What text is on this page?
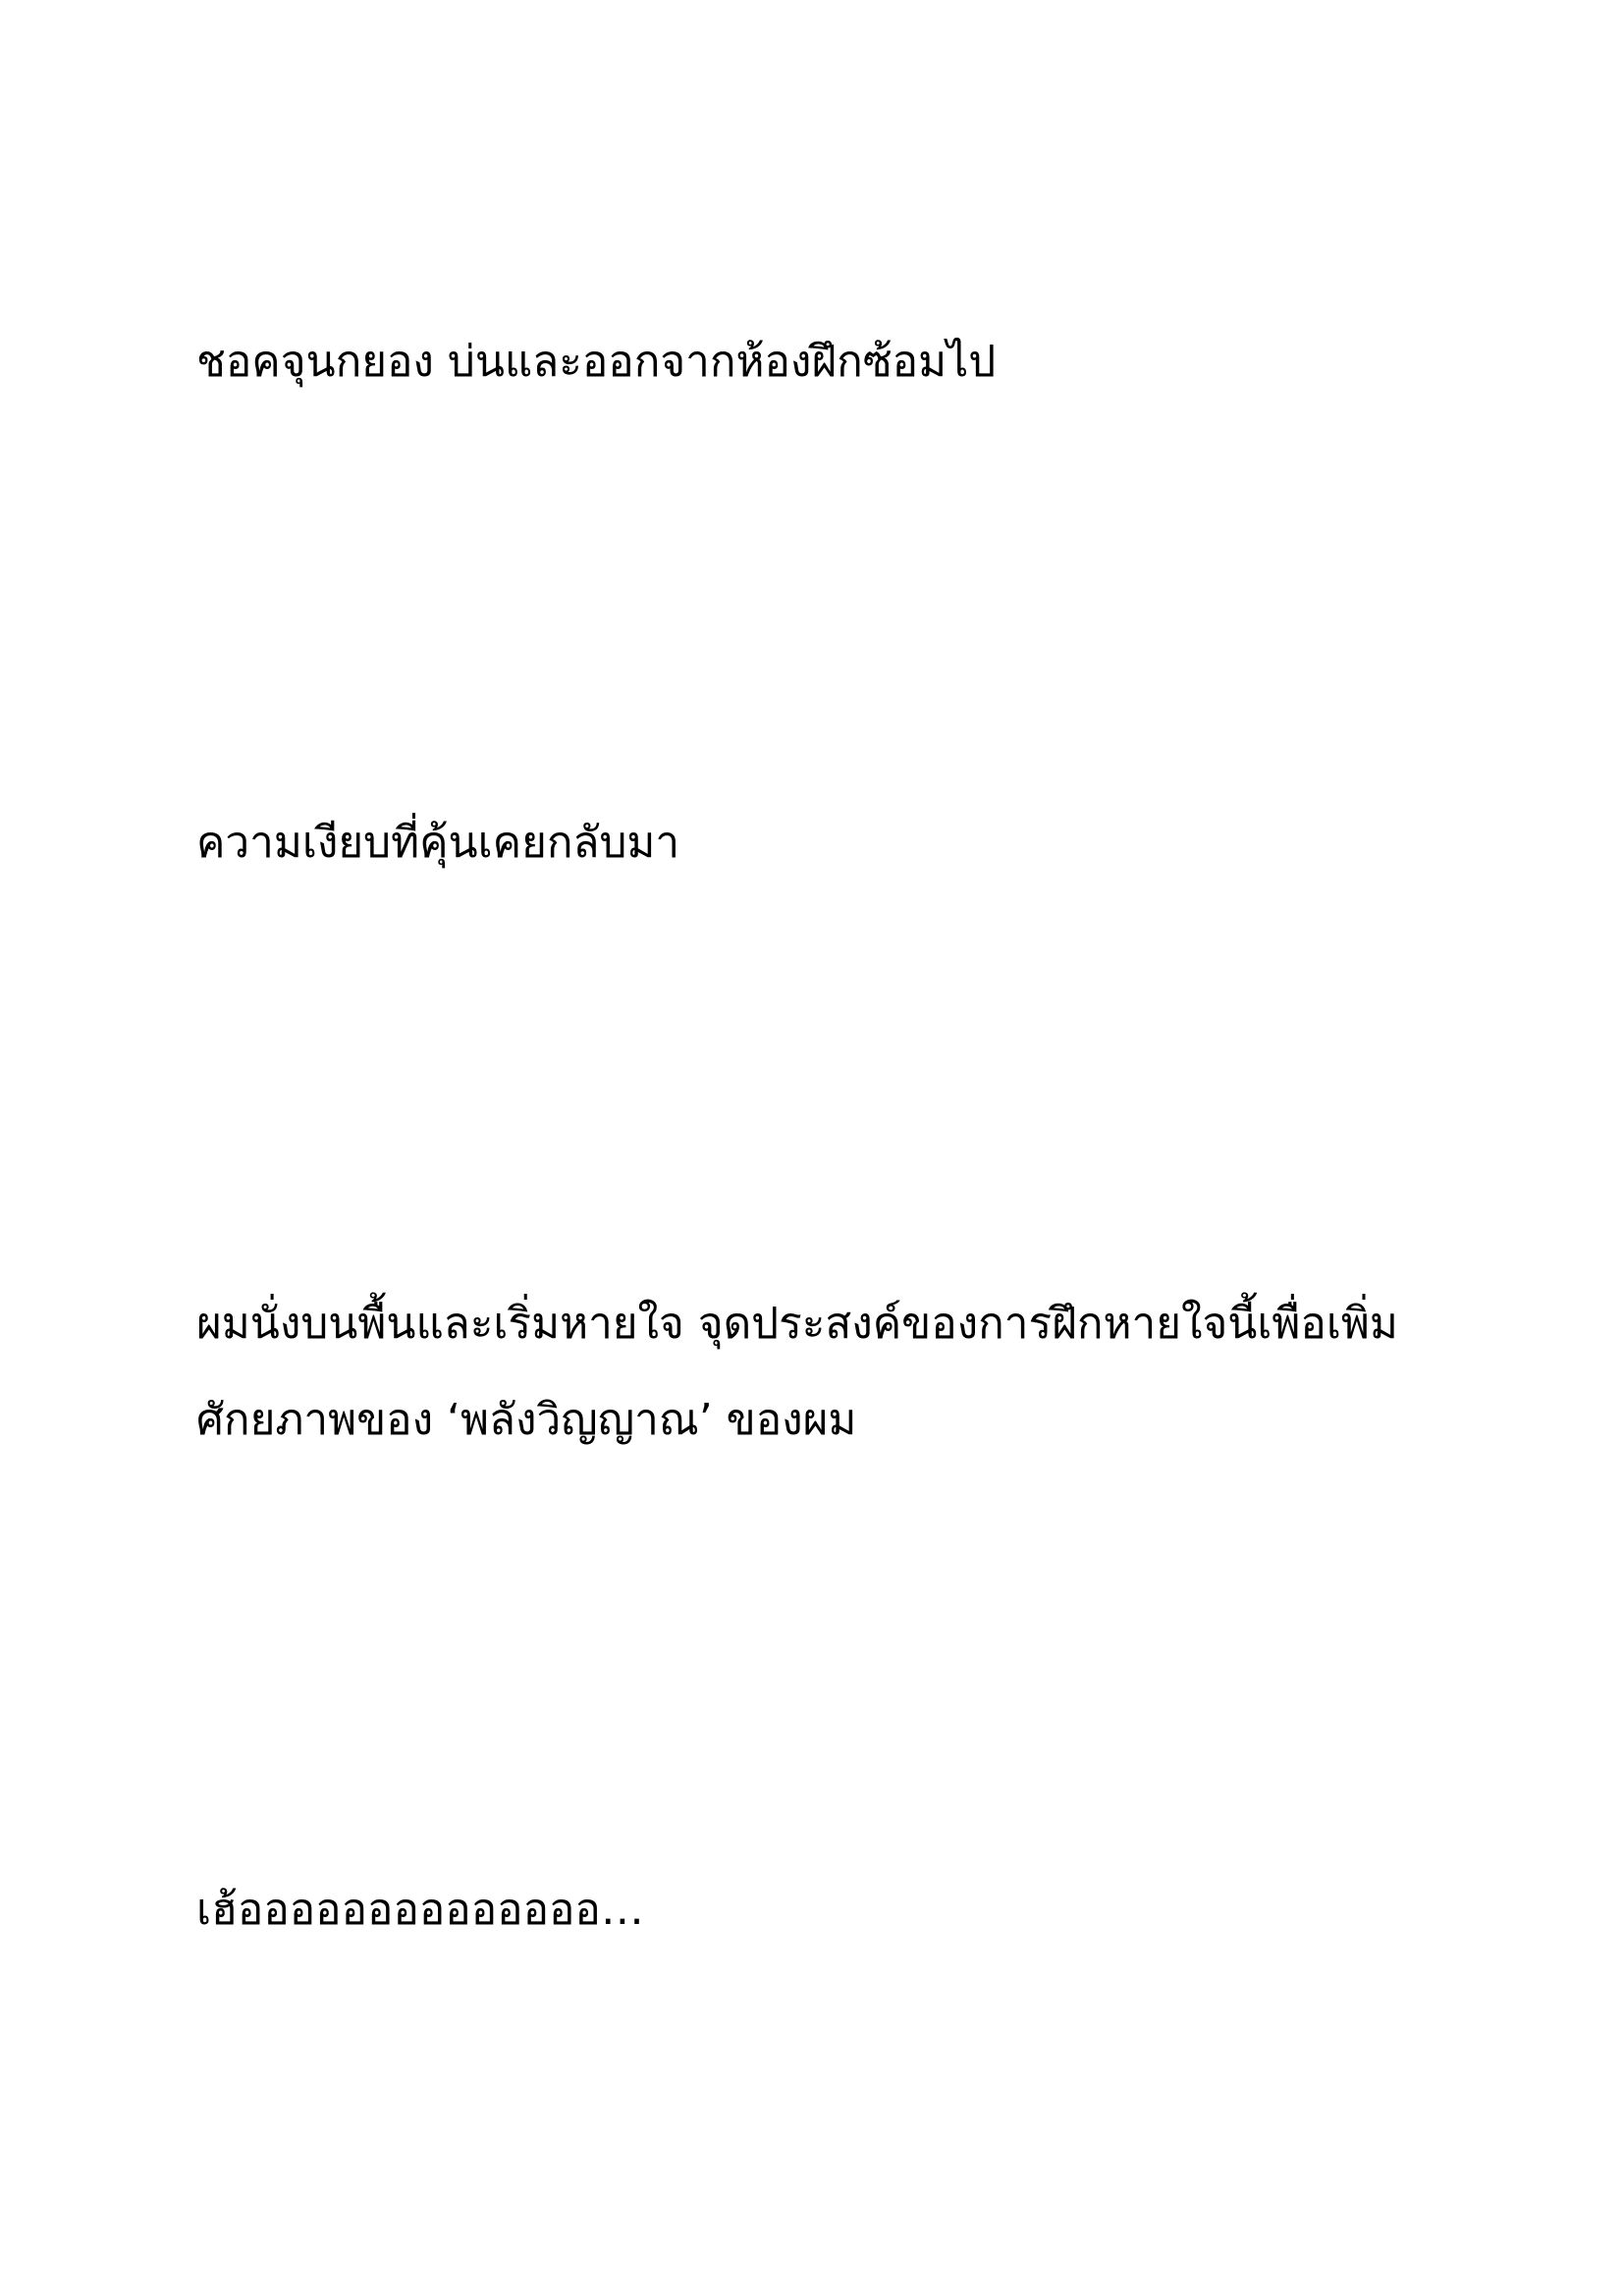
ชอคจุนกยอง บ่นและออกจากห้องฝึกซ้อมไป

ความเงียบที่คุ้นเคยกลับมา

ผมนั่งบนพื้นและเริ่มหายใจ จุดประสงค์ของการฝึกหายใจนี้เพื่อเพิ่ม
ศักยภาพของ ‘พลังวิญญาณ’ ของผม

เฮ้ออออออออออออออ…
